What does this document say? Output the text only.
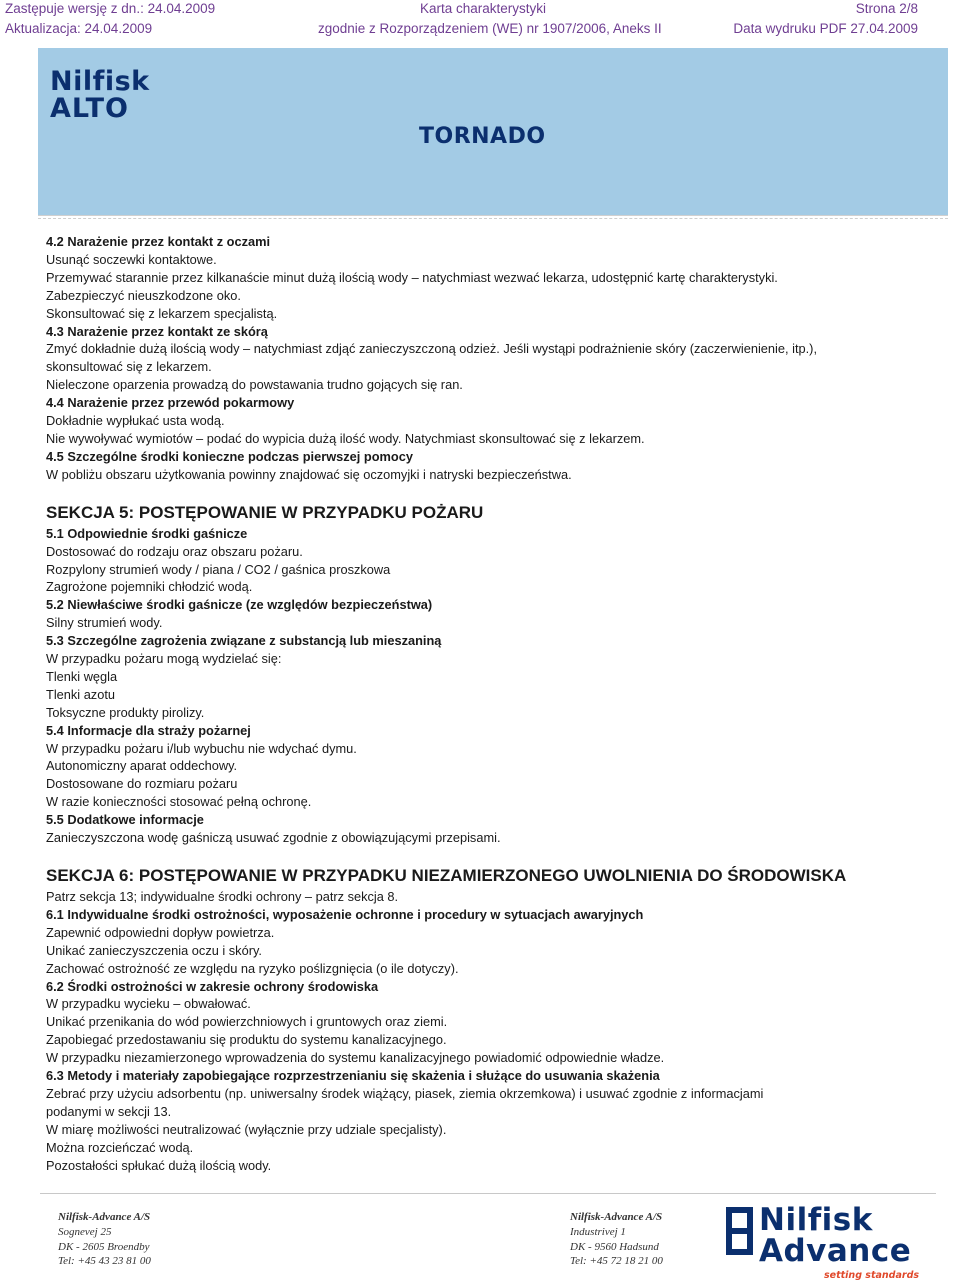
Zastępuje wersję z dn.: 24.04.2009	Karta charakterystyki	Strona 2/8
Aktualizacja: 24.04.2009	zgodnie z Rozporządzeniem (WE) nr 1907/2006, Aneks II	Data wydruku PDF 27.04.2009
Nilfisk
ALTO
TORNADO
4.2 Narażenie przez kontakt z oczami
Usunąć soczewki kontaktowe.
Przemywać starannie przez kilkanaście minut dużą ilością wody – natychmiast wezwać lekarza, udostępnić kartę charakterystyki.
Zabezpieczyć nieuszkodzone oko.
Skonsultować się z lekarzem specjalistą.
4.3 Narażenie przez kontakt ze skórą
Zmyć dokładnie dużą ilością wody – natychmiast zdjąć zanieczyszczoną odzież. Jeśli wystąpi podrażnienie skóry (zaczerwienienie, itp.),
skonsultować się z lekarzem.
Nieleczone oparzenia prowadzą do powstawania trudno gojących się ran.
4.4 Narażenie przez przewód pokarmowy
Dokładnie wypłukać usta wodą.
Nie wywoływać wymiotów – podać do wypicia dużą ilość wody. Natychmiast skonsultować się z lekarzem.
4.5 Szczególne środki konieczne podczas pierwszej pomocy
W pobliżu obszaru użytkowania powinny znajdować się oczomyjki i natryski bezpieczeństwa.
SEKCJA 5: POSTĘPOWANIE W PRZYPADKU POŻARU
5.1 Odpowiednie środki gaśnicze
Dostosować do rodzaju oraz obszaru pożaru.
Rozpylony strumień wody / piana / CO2 / gaśnica proszkowa
Zagrożone pojemniki chłodzić wodą.
5.2 Niewłaściwe środki gaśnicze (ze względów bezpieczeństwa)
Silny strumień wody.
5.3 Szczególne zagrożenia związane z substancją lub mieszaniną
W przypadku pożaru mogą wydzielać się:
Tlenki węgla
Tlenki azotu
Toksyczne produkty pirolizy.
5.4 Informacje dla straży pożarnej
W przypadku pożaru i/lub wybuchu nie wdychać dymu.
Autonomiczny aparat oddechowy.
Dostosowane do rozmiaru pożaru
W razie konieczności stosować pełną ochronę.
5.5 Dodatkowe informacje
Zanieczyszczona wodę gaśniczą usuwać zgodnie z obowiązującymi przepisami.
SEKCJA 6: POSTĘPOWANIE W PRZYPADKU NIEZAMIERZONEGO UWOLNIENIA DO ŚRODOWISKA
Patrz sekcja 13; indywidualne środki ochrony – patrz sekcja 8.
6.1 Indywidualne środki ostrożności, wyposażenie ochronne i procedury w sytuacjach awaryjnych
Zapewnić odpowiedni dopływ powietrza.
Unikać zanieczyszczenia oczu i skóry.
Zachować ostrożność ze względu na ryzyko poślizgnięcia (o ile dotyczy).
6.2 Środki ostrożności w zakresie ochrony środowiska
W przypadku wycieku – obwałować.
Unikać przenikania do wód powierzchniowych i gruntowych oraz ziemi.
Zapobiegać przedostawaniu się produktu do systemu kanalizacyjnego.
W przypadku niezamierzonego wprowadzenia do systemu kanalizacyjnego powiadomić odpowiednie władze.
6.3 Metody i materiały zapobiegające rozprzestrzenianiu się skażenia i służące do usuwania skażenia
Zebrać przy użyciu adsorbentu (np. uniwersalny środek wiążący, piasek, ziemia okrzemkowa) i usuwać zgodnie z informacjami
podanymi w sekcji 13.
W miarę możliwości neutralizować (wyłącznie przy udziale specjalisty).
Można rozcieńczać wodą.
Pozostałości spłukać dużą ilością wody.
Nilfisk-Advance A/S
Sognevej 25
DK - 2605 Broendby
Tel: +45 43 23 81 00
Nilfisk-Advance A/S
Industrivej 1
DK - 9560 Hadsund
Tel: +45 72 18 21 00
Nilfisk
Advance
setting standards
